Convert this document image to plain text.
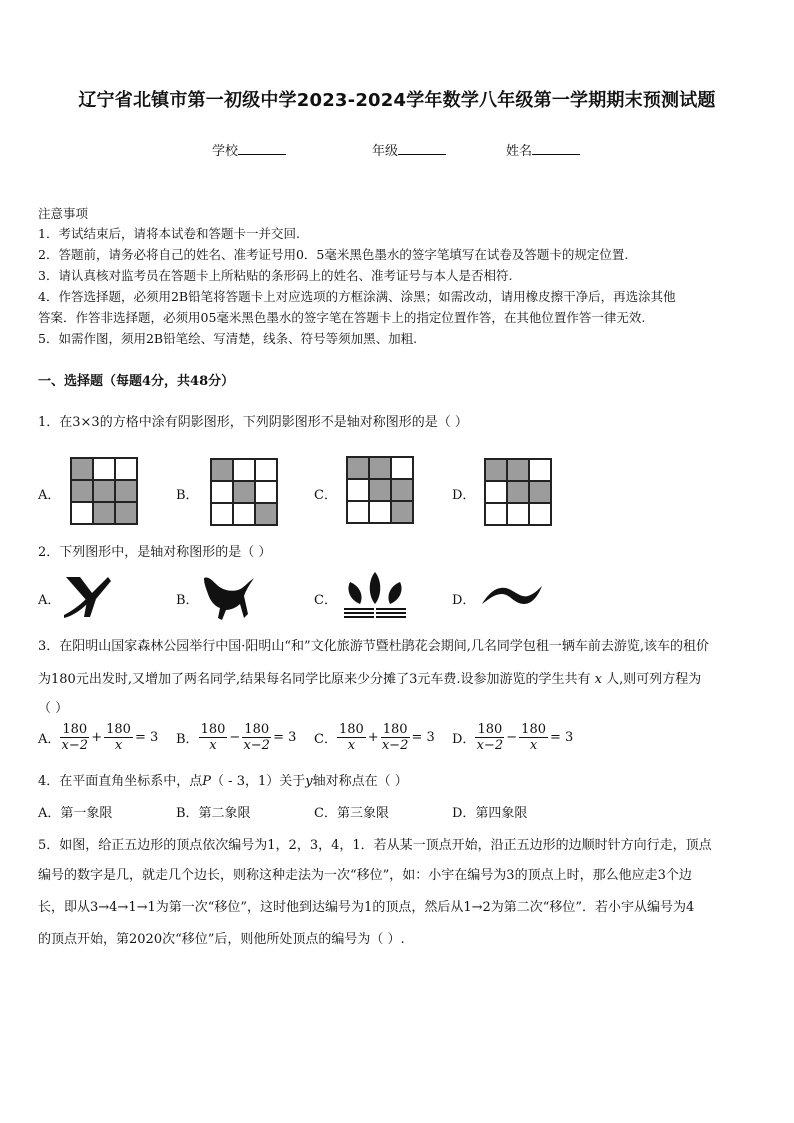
辽宁省北镇市第一初级中学2023-2024学年数学八年级第一学期期末预测试题
学校	年级	姓名
注意事项
1．考试结束后，请将本试卷和答题卡一并交回.
2．答题前，请务必将自己的姓名、准考证号用0．5毫米黑色墨水的签字笔填写在试卷及答题卡的规定位置.
3．请认真核对监考员在答题卡上所粘贴的条形码上的姓名、准考证号与本人是否相符.
4．作答选择题，必须用2B铅笔将答题卡上对应选项的方框涂满、涂黑；如需改动，请用橡皮擦干净后，再选涂其他
答案．作答非选择题，必须用05毫米黑色墨水的签字笔在答题卡上的指定位置作答，在其他位置作答一律无效.
5．如需作图，须用2B铅笔绘、写清楚，线条、符号等须加黑、加粗.
一、选择题（每题4分，共48分）
1．在3×3的方格中涂有阴影图形，下列阴影图形不是轴对称图形的是（ ）
A．	B．	C．	D．
2．下列图形中，是轴对称图形的是（ ）
A．	B．	C．	D．
3．在阳明山国家森林公园举行中国·阳明山“和”文化旅游节暨杜鹃花会期间,几名同学包租一辆车前去游览,该车的租价
为180元出发时,又增加了两名同学,结果每名同学比原来少分摊了3元车费.设参加游览的学生共有 x 人,则可列方程为
（ ）
A． $\frac{180}{x-2} + \frac{180}{x} = 3$ B． $\frac{180}{x} - \frac{180}{x-2} = 3$ C． $\frac{180}{x} + \frac{180}{x-2} = 3$ D． $\frac{180}{x-2} - \frac{180}{x} = 3$
4．在平面直角坐标系中，点P（ - 3，1）关于y轴对称点在（ ）
A．第一象限	B．第二象限	C．第三象限	D．第四象限
5．如图，给正五边形的顶点依次编号为1，2，3，4，1．若从某一顶点开始，沿正五边形的边顺时针方向行走，顶点
编号的数字是几，就走几个边长，则称这种走法为一次“移位”，如：小宇在编号为3的顶点上时，那么他应走3个边
长，即从3→4→1→1为第一次“移位”，这时他到达编号为1的顶点，然后从1→2为第二次“移位”．若小宇从编号为4
的顶点开始，第2020次“移位”后，则他所处顶点的编号为（ ）.
